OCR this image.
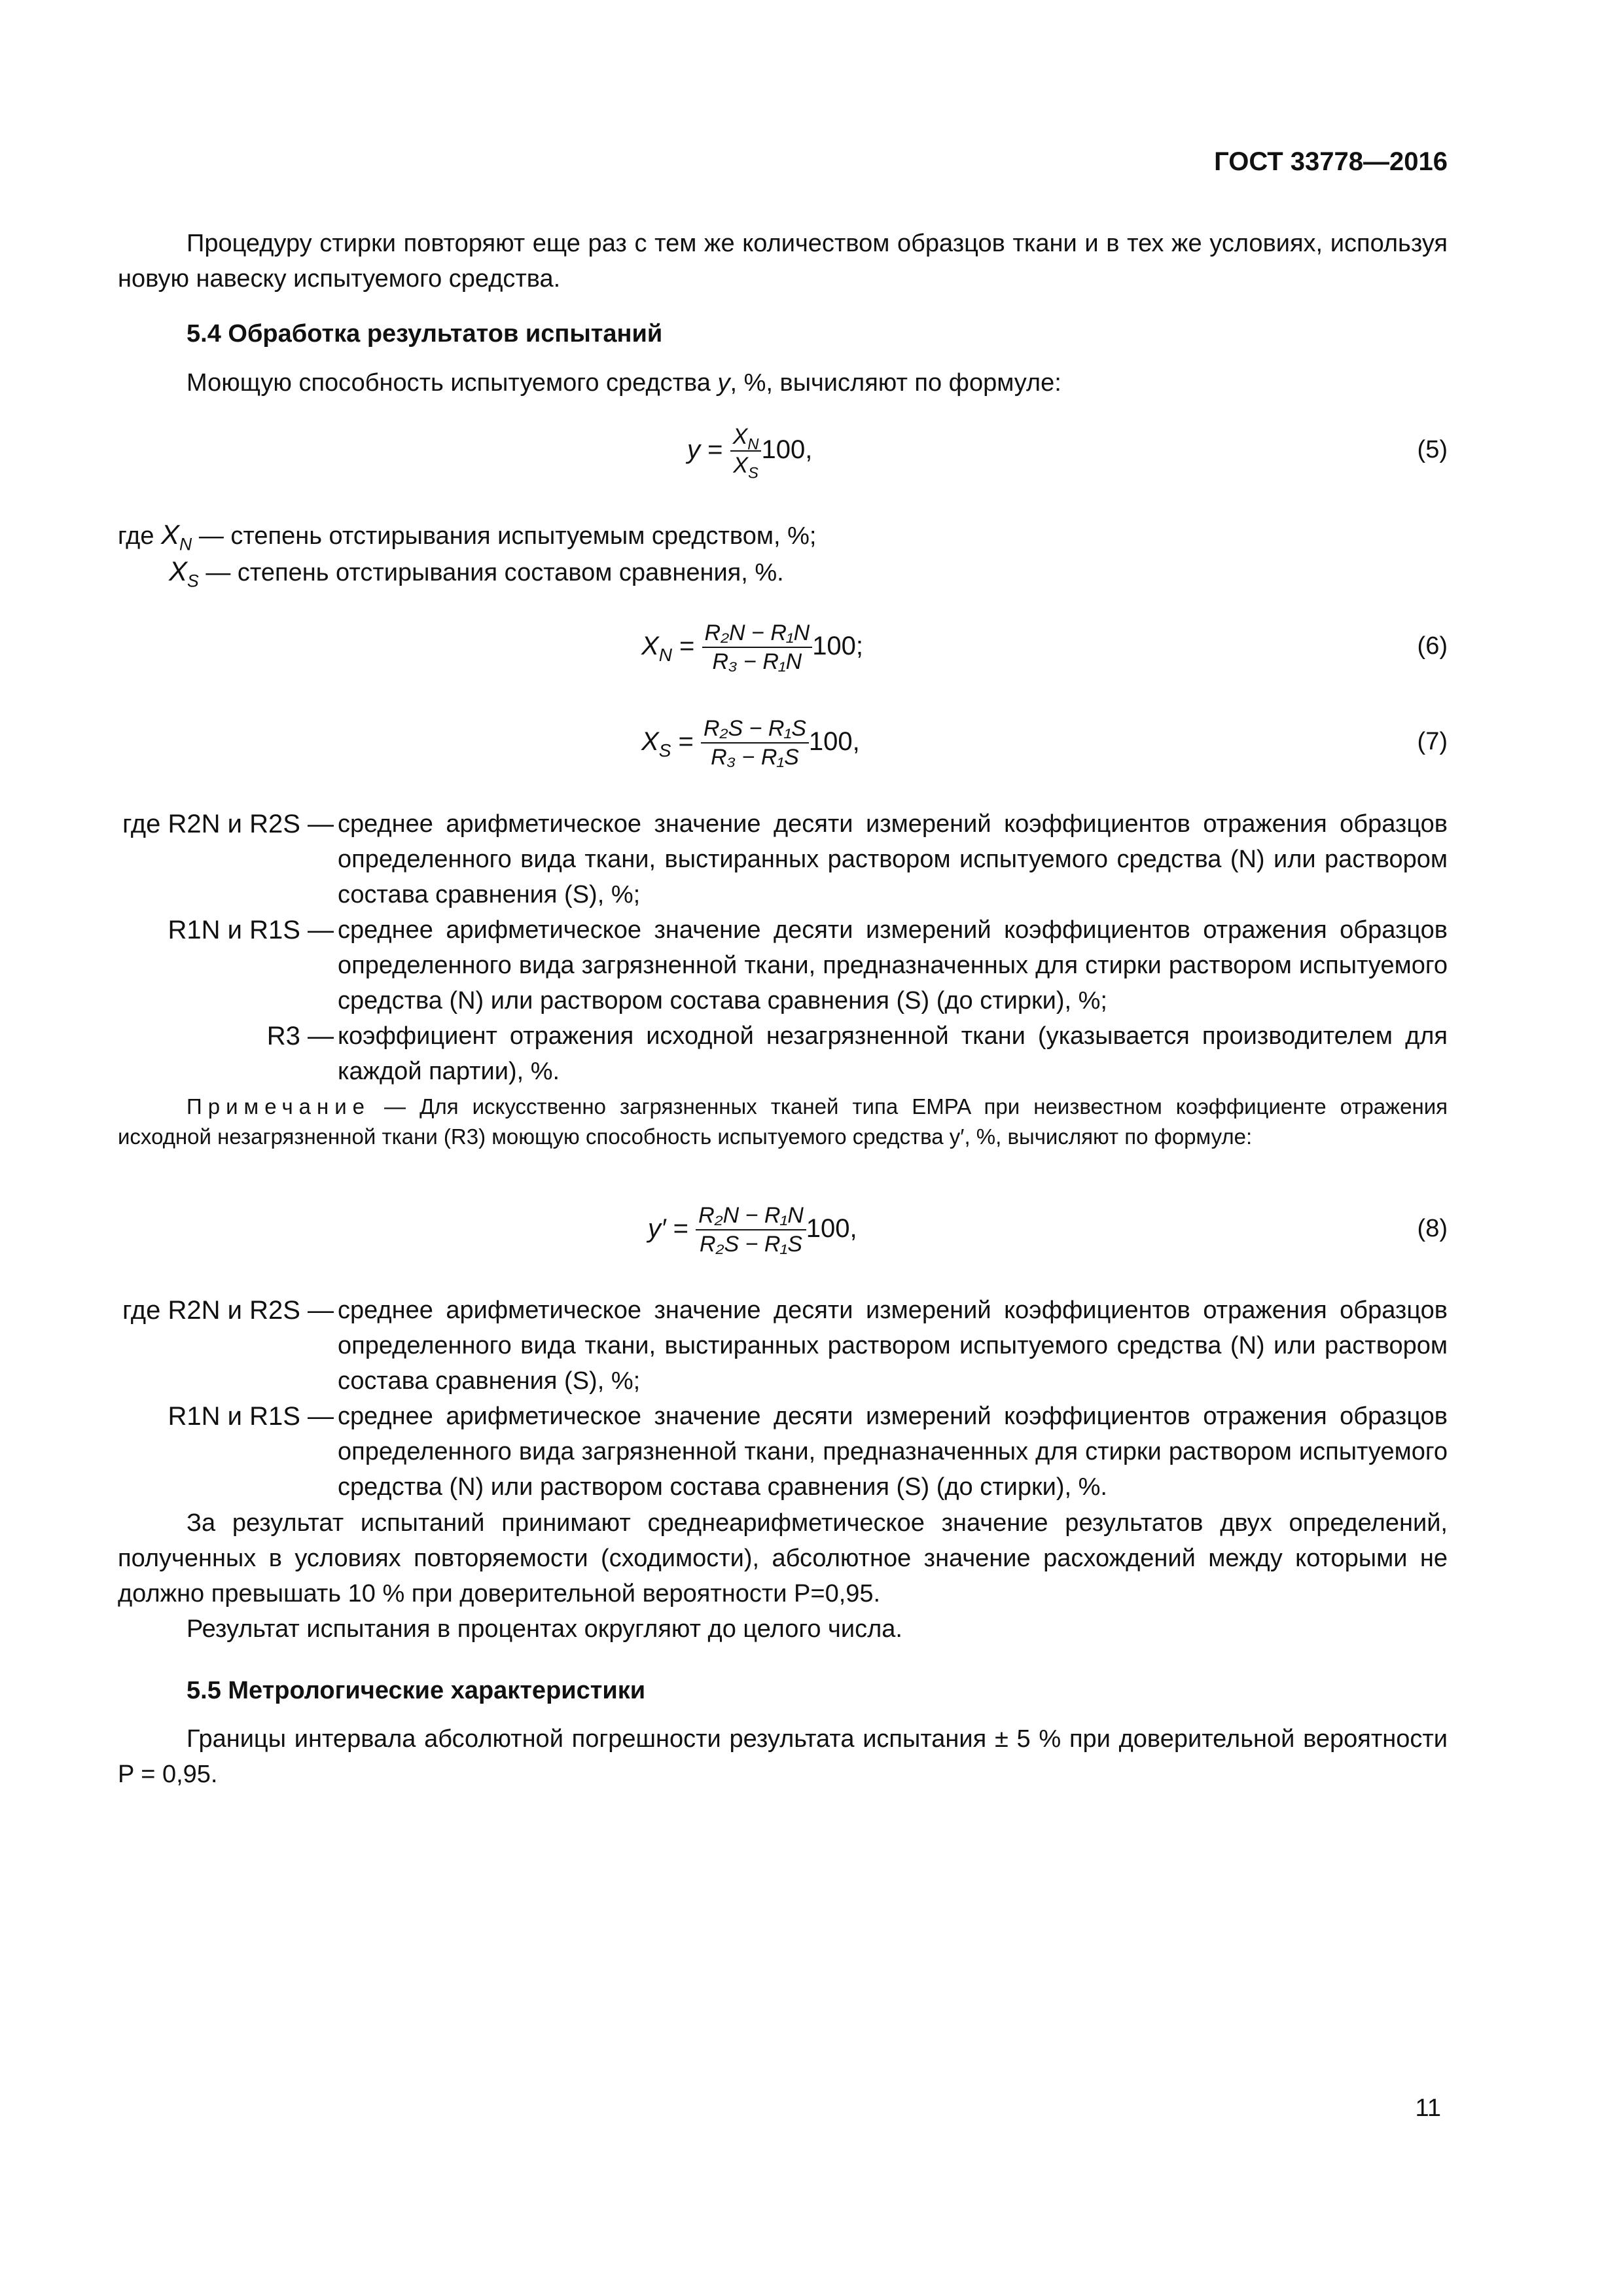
ГОСТ 33778—2016
Процедуру стирки повторяют еще раз с тем же количеством образцов ткани и в тех же условиях, используя новую навеску испытуемого средства.
5.4 Обработка результатов испытаний
Моющую способность испытуемого средства y, %, вычисляют по формуле:
$y = \frac{X_N}{X_S} 100$,	(5)
где $X_N$ — степень отстирывания испытуемым средством, %;
$X_S$ — степень отстирывания составом сравнения, %.
$X_N = \frac{\text{R₂N − R₁N}}{\text{R₃ − R₁N}} 100$;	(6)
$X_S = \frac{\text{R₂S − R₁S}}{\text{R₃ − R₁S}} 100$,	(7)
где R2N и R2S — среднее арифметическое значение десяти измерений коэффициентов отражения образцов определенного вида ткани, выстиранных раствором испытуемого средства (N) или раствором состава сравнения (S), %;
R1N и R1S — среднее арифметическое значение десяти измерений коэффициентов отражения образцов определенного вида загрязненной ткани, предназначенных для стирки раствором испытуемого средства (N) или раствором состава сравнения (S) (до стирки), %;
R3 — коэффициент отражения исходной незагрязненной ткани (указывается производителем для каждой партии), %.
Примечание — Для искусственно загрязненных тканей типа EMPA при неизвестном коэффициенте отражения исходной незагрязненной ткани (R3) моющую способность испытуемого средства y′, %, вычисляют по формуле:
$y' = \frac{\text{R₂N − R₁N}}{\text{R₂S − R₁S}} 100$,	(8)
где R2N и R2S — среднее арифметическое значение десяти измерений коэффициентов отражения образцов определенного вида ткани, выстиранных раствором испытуемого средства (N) или раствором состава сравнения (S), %;
R1N и R1S — среднее арифметическое значение десяти измерений коэффициентов отражения образцов определенного вида загрязненной ткани, предназначенных для стирки раствором испытуемого средства (N) или раствором состава сравнения (S) (до стирки), %.
За результат испытаний принимают среднеарифметическое значение результатов двух определений, полученных в условиях повторяемости (сходимости), абсолютное значение расхождений между которыми не должно превышать 10 % при доверительной вероятности P=0,95.
Результат испытания в процентах округляют до целого числа.
5.5 Метрологические характеристики
Границы интервала абсолютной погрешности результата испытания ± 5 % при доверительной вероятности P = 0,95.
11
